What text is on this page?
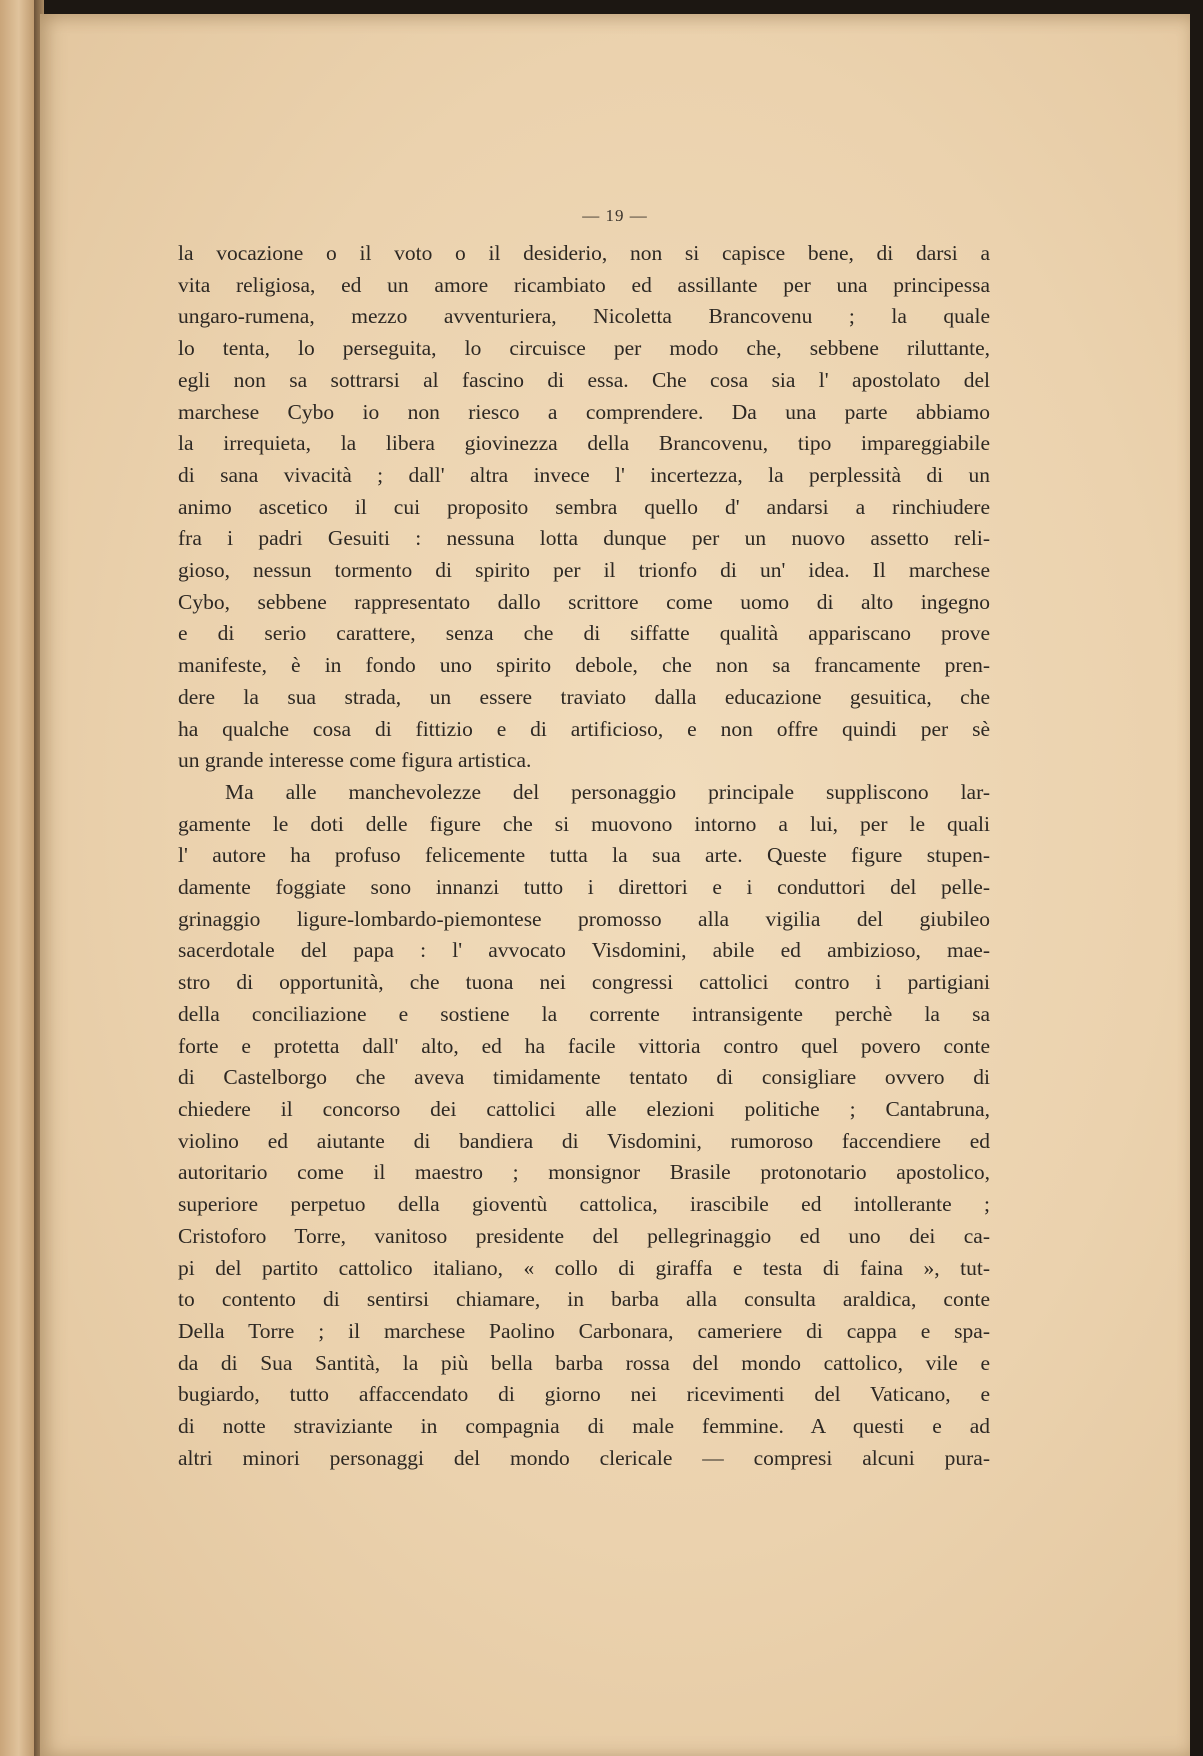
— 19 —
la vocazione o il voto o il desiderio, non si capisce bene, di darsi a
vita religiosa, ed un amore ricambiato ed assillante per una principessa
ungaro-rumena, mezzo avventuriera, Nicoletta Brancovenu ; la quale
lo tenta, lo perseguita, lo circuisce per modo che, sebbene riluttante,
egli non sa sottrarsi al fascino di essa. Che cosa sia l' apostolato del
marchese Cybo io non riesco a comprendere. Da una parte abbiamo
la irrequieta, la libera giovinezza della Brancovenu, tipo impareggiabile
di sana vivacità ; dall' altra invece l' incertezza, la perplessità di un
animo ascetico il cui proposito sembra quello d' andarsi a rinchiudere
fra i padri Gesuiti : nessuna lotta dunque per un nuovo assetto reli-
gioso, nessun tormento di spirito per il trionfo di un' idea. Il marchese
Cybo, sebbene rappresentato dallo scrittore come uomo di alto ingegno
e di serio carattere, senza che di siffatte qualità appariscano prove
manifeste, è in fondo uno spirito debole, che non sa francamente pren-
dere la sua strada, un essere traviato dalla educazione gesuitica, che
ha qualche cosa di fittizio e di artificioso, e non offre quindi per sè
un grande interesse come figura artistica.
Ma alle manchevolezze del personaggio principale suppliscono lar-
gamente le doti delle figure che si muovono intorno a lui, per le quali
l' autore ha profuso felicemente tutta la sua arte. Queste figure stupen-
damente foggiate sono innanzi tutto i direttori e i conduttori del pelle-
grinaggio ligure-lombardo-piemontese promosso alla vigilia del giubileo
sacerdotale del papa : l' avvocato Visdomini, abile ed ambizioso, mae-
stro di opportunità, che tuona nei congressi cattolici contro i partigiani
della conciliazione e sostiene la corrente intransigente perchè la sa
forte e protetta dall' alto, ed ha facile vittoria contro quel povero conte
di Castelborgo che aveva timidamente tentato di consigliare ovvero di
chiedere il concorso dei cattolici alle elezioni politiche ; Cantabruna,
violino ed aiutante di bandiera di Visdomini, rumoroso faccendiere ed
autoritario come il maestro ; monsignor Brasile protonotario apostolico,
superiore perpetuo della gioventù cattolica, irascibile ed intollerante ;
Cristoforo Torre, vanitoso presidente del pellegrinaggio ed uno dei ca-
pi del partito cattolico italiano, « collo di giraffa e testa di faina », tut-
to contento di sentirsi chiamare, in barba alla consulta araldica, conte
Della Torre ; il marchese Paolino Carbonara, cameriere di cappa e spa-
da di Sua Santità, la più bella barba rossa del mondo cattolico, vile e
bugiardo, tutto affaccendato di giorno nei ricevimenti del Vaticano, e
di notte straviziante in compagnia di male femmine. A questi e ad
altri minori personaggi del mondo clericale — compresi alcuni pura-
